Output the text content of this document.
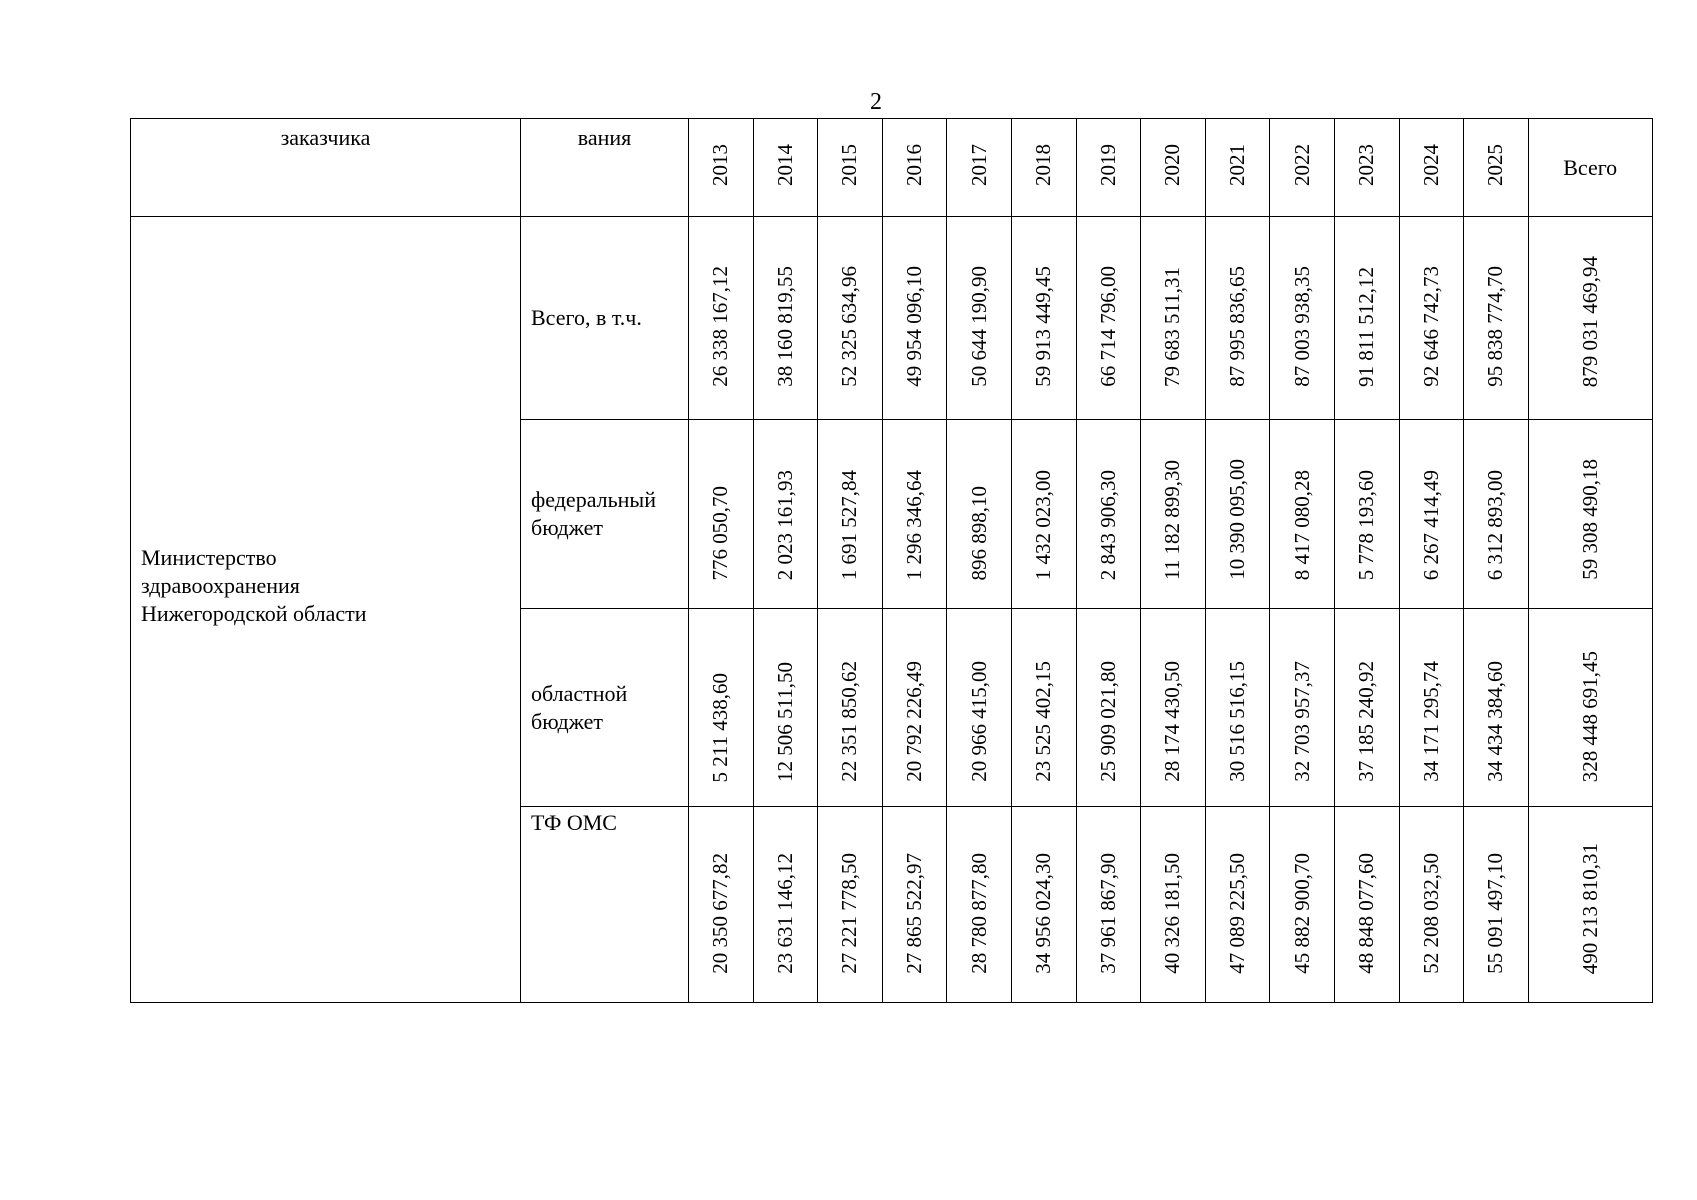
2
заказчика	вания	2013	2014	2015	2016	2017	2018	2019	2020	2021	2022	2023	2024	2025	Всего

Министерство
здравоохранения
Нижегородской области	Всего, в т.ч.	26 338 167,12	38 160 819,55	52 325 634,96	49 954 096,10	50 644 190,90	59 913 449,45	66 714 796,00	79 683 511,31	87 995 836,65	87 003 938,35	91 811 512,12	92 646 742,73	95 838 774,70	879 031 469,94

	федеральный
бюджет	776 050,70	2 023 161,93	1 691 527,84	1 296 346,64	896 898,10	1 432 023,00	2 843 906,30	11 182 899,30	10 390 095,00	8 417 080,28	5 778 193,60	6 267 414,49	6 312 893,00	59 308 490,18

	областной
бюджет	5 211 438,60	12 506 511,50	22 351 850,62	20 792 226,49	20 966 415,00	23 525 402,15	25 909 021,80	28 174 430,50	30 516 516,15	32 703 957,37	37 185 240,92	34 171 295,74	34 434 384,60	328 448 691,45

	ТФ ОМС	20 350 677,82	23 631 146,12	27 221 778,50	27 865 522,97	28 780 877,80	34 956 024,30	37 961 867,90	40 326 181,50	47 089 225,50	45 882 900,70	48 848 077,60	52 208 032,50	55 091 497,10	490 213 810,31
